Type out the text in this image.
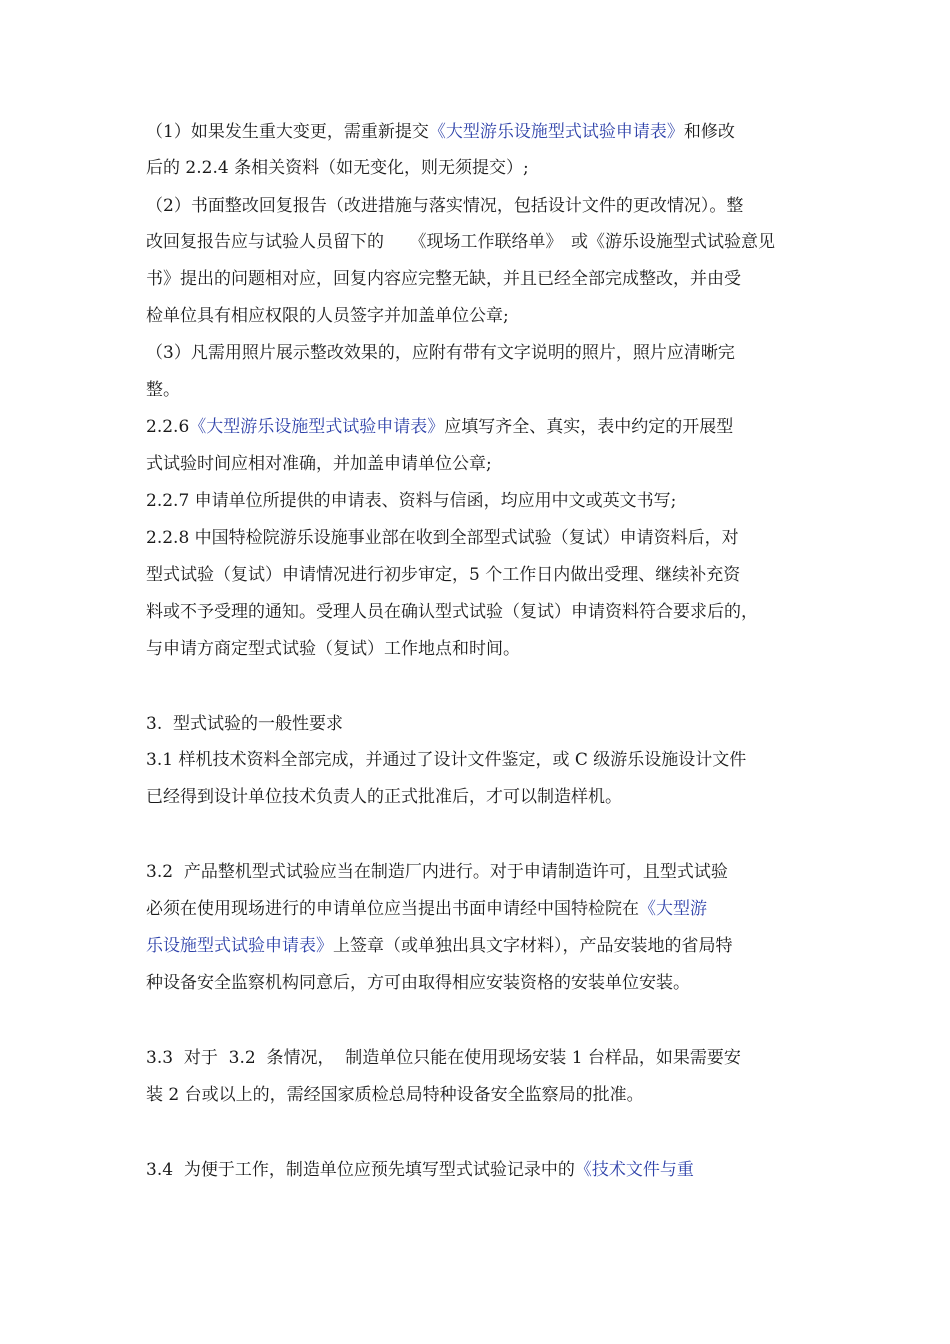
（1）如果发生重大变更，需重新提交《大型游乐设施型式试验申请表》和修改
后的 2.2.4 条相关资料（如无变化，则无须提交）;
（2）书面整改回复报告（改进措施与落实情况，包括设计文件的更改情况）。整
改回复报告应与试验人员留下的　　《现场工作联络单》　或《游乐设施型式试验意见
书》提出的问题相对应，回复内容应完整无缺，并且已经全部完成整改，并由受
检单位具有相应权限的人员签字并加盖单位公章;
（3）凡需用照片展示整改效果的，应附有带有文字说明的照片，照片应清晰完
整。
2.2.6《大型游乐设施型式试验申请表》应填写齐全、真实，表中约定的开展型
式试验时间应相对准确，并加盖申请单位公章;
2.2.7 申请单位所提供的申请表、资料与信函，均应用中文或英文书写;
2.2.8 中国特检院游乐设施事业部在收到全部型式试验（复试）申请资料后，对
型式试验（复试）申请情况进行初步审定，5 个工作日内做出受理、继续补充资
料或不予受理的通知。受理人员在确认型式试验（复试）申请资料符合要求后的，
与申请方商定型式试验（复试）工作地点和时间。
3.  型式试验的一般性要求
3.1 样机技术资料全部完成，并通过了设计文件鉴定，或 C 级游乐设施设计文件
已经得到设计单位技术负责人的正式批准后，才可以制造样机。
3.2  产品整机型式试验应当在制造厂内进行。对于申请制造许可，且型式试验
必须在使用现场进行的申请单位应当提出书面申请经中国特检院在《大型游
乐设施型式试验申请表》上签章（或单独出具文字材料），产品安装地的省局特
种设备安全监察机构同意后，方可由取得相应安装资格的安装单位安装。
3.3  对于  3.2  条情况，  制造单位只能在使用现场安装 1 台样品，如果需要安
装 2 台或以上的，需经国家质检总局特种设备安全监察局的批准。
3.4  为便于工作，制造单位应预先填写型式试验记录中的《技术文件与重
